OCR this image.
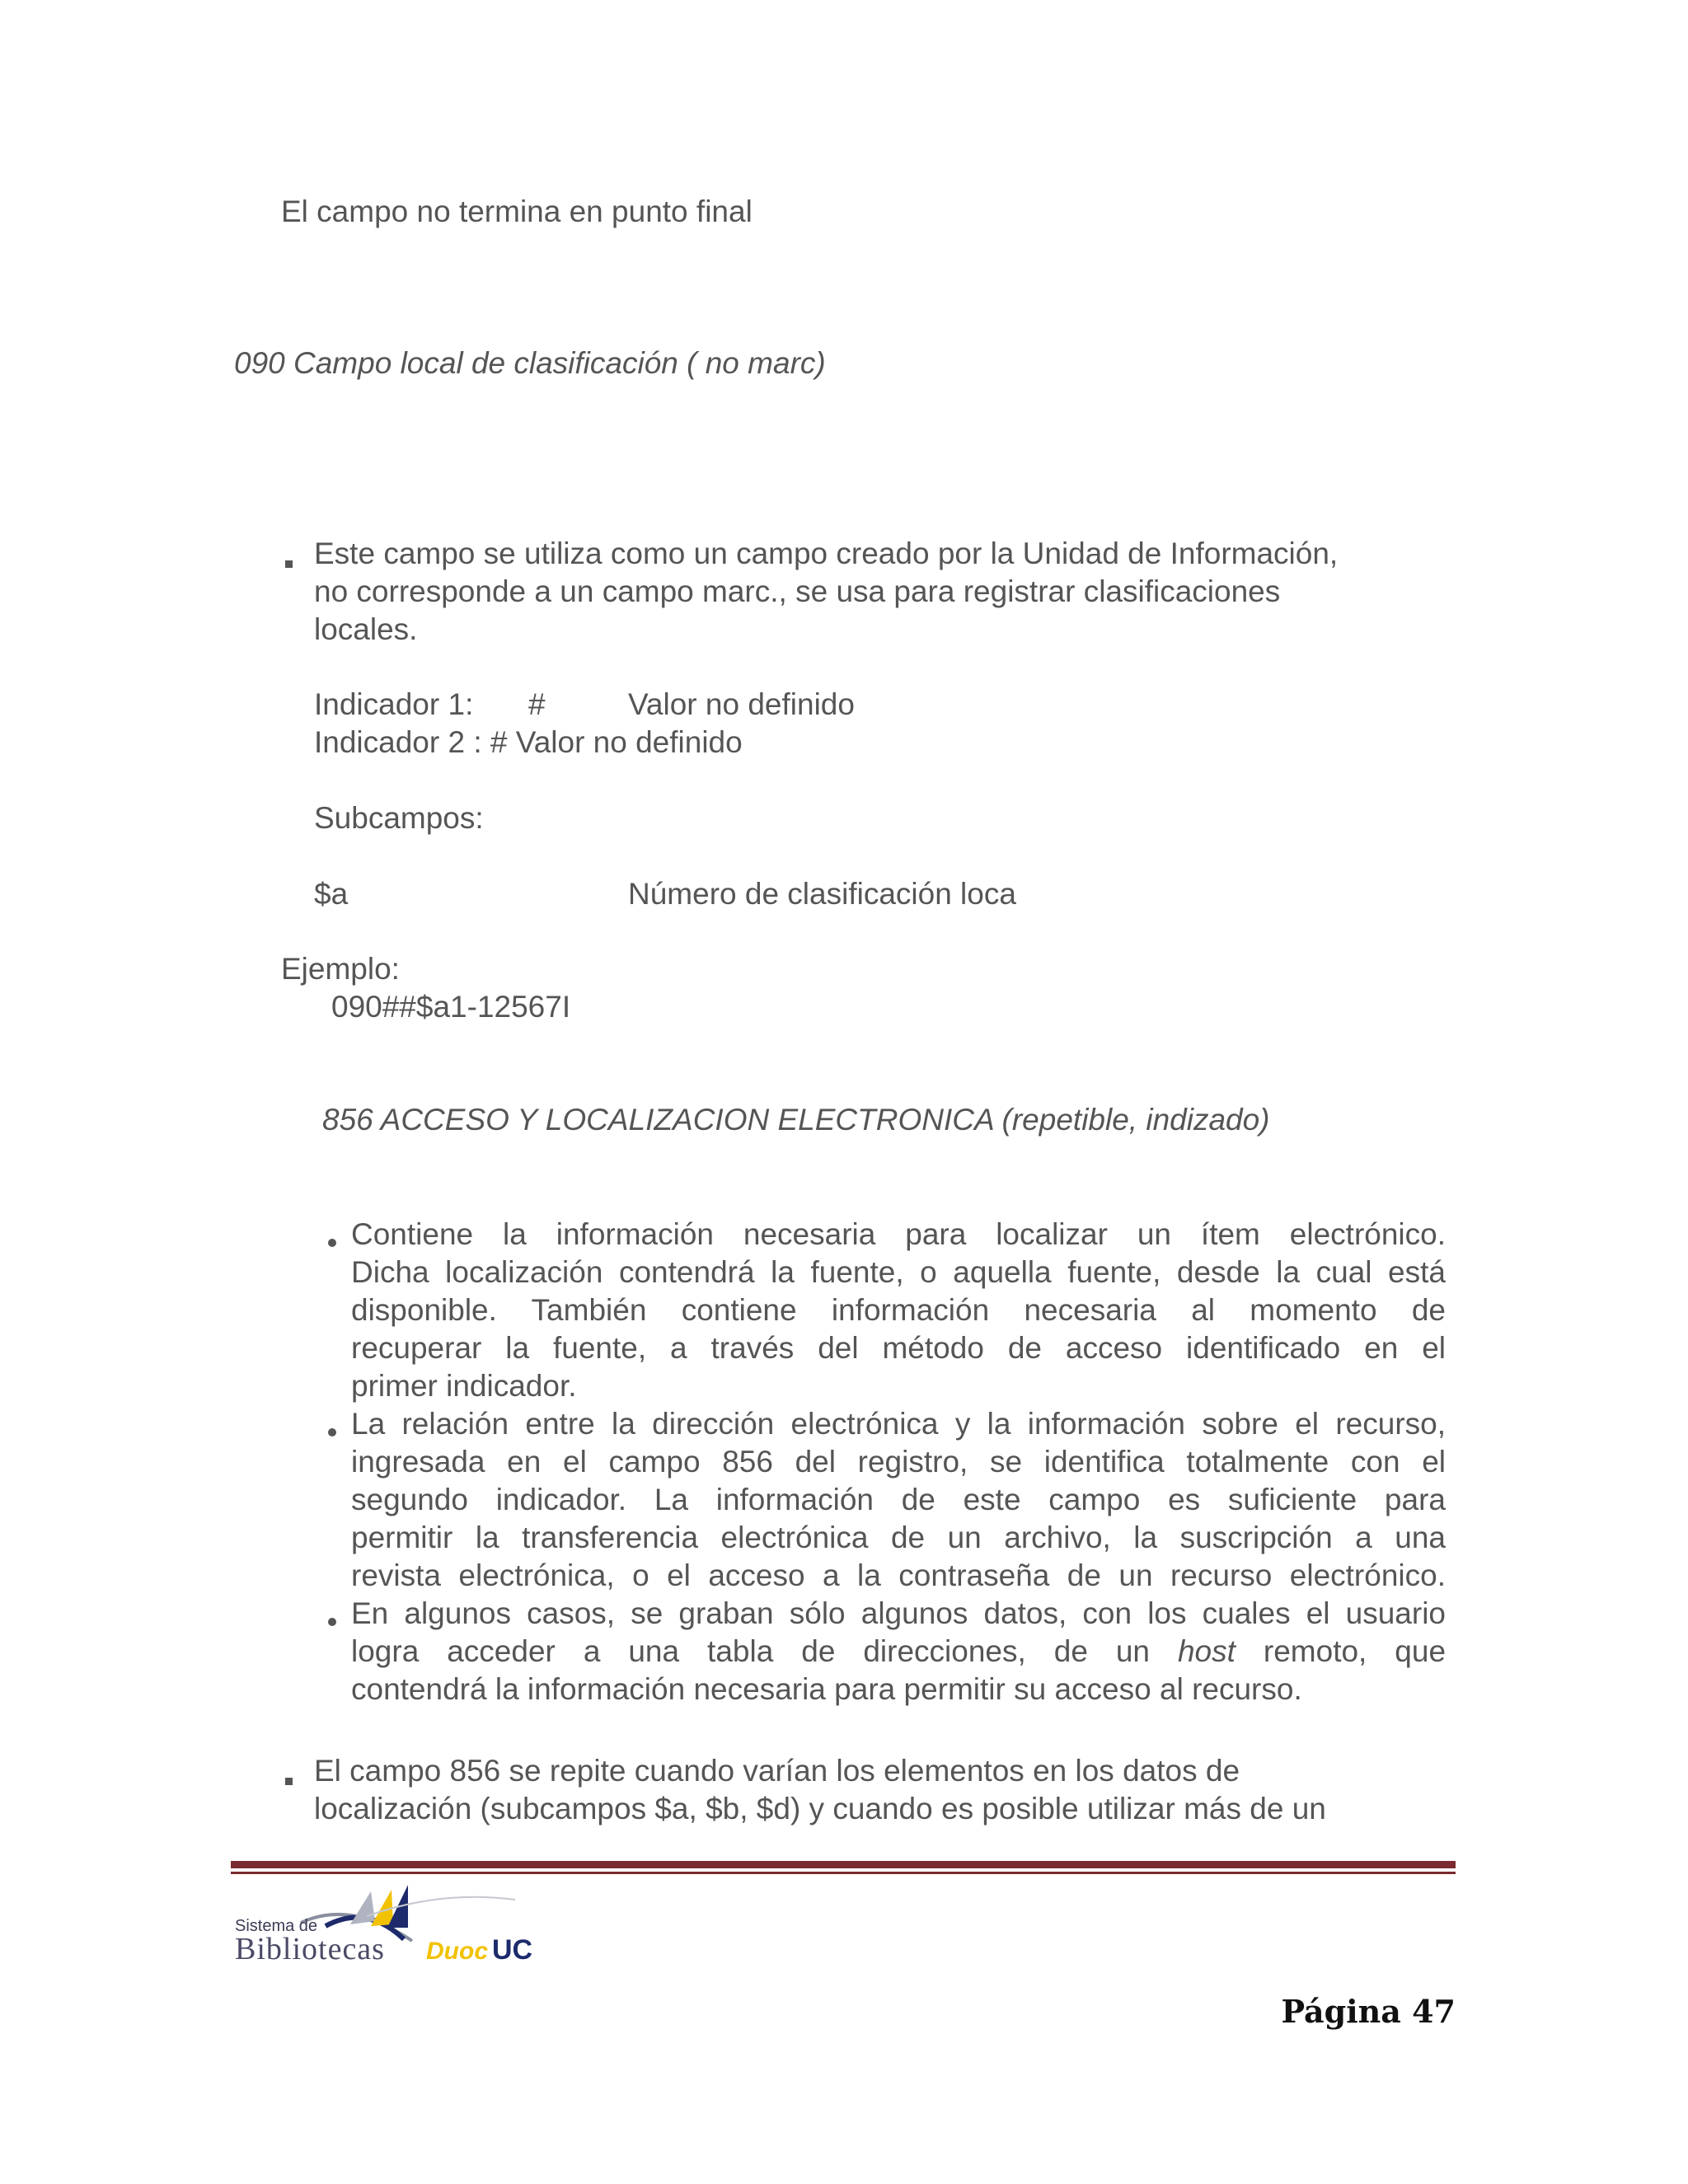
El campo no termina en punto final
090 Campo local de clasificación ( no marc)
Este campo se utiliza como un campo creado por la Unidad de Información,
no corresponde a un campo marc., se usa para registrar clasificaciones
locales.
Indicador 1: #	Valor no definido
Indicador 2 : # Valor no definido
Subcampos:
$a	Número de clasificación loca
Ejemplo:
090##$a1-12567I
856 ACCESO Y LOCALIZACION ELECTRONICA (repetible, indizado)
Contiene la información necesaria para localizar un ítem electrónico.
Dicha localización contendrá la fuente, o aquella fuente, desde la cual está
disponible. También contiene información necesaria al momento de
recuperar la fuente, a través del método de acceso identificado en el
primer indicador.
La relación entre la dirección electrónica y la información sobre el recurso,
ingresada en el campo 856 del registro, se identifica totalmente con el
segundo indicador. La información de este campo es suficiente para
permitir la transferencia electrónica de un archivo, la suscripción a una
revista electrónica, o el acceso a la contraseña de un recurso electrónico.
En algunos casos, se graban sólo algunos datos, con los cuales el usuario
logra acceder a una tabla de direcciones, de un host remoto, que
contendrá la información necesaria para permitir su acceso al recurso.
El campo 856 se repite cuando varían los elementos en los datos de
localización (subcampos $a, $b, $d) y cuando es posible utilizar más de un
Sistema de
Bibliotecas Duoc UC
Página 47
